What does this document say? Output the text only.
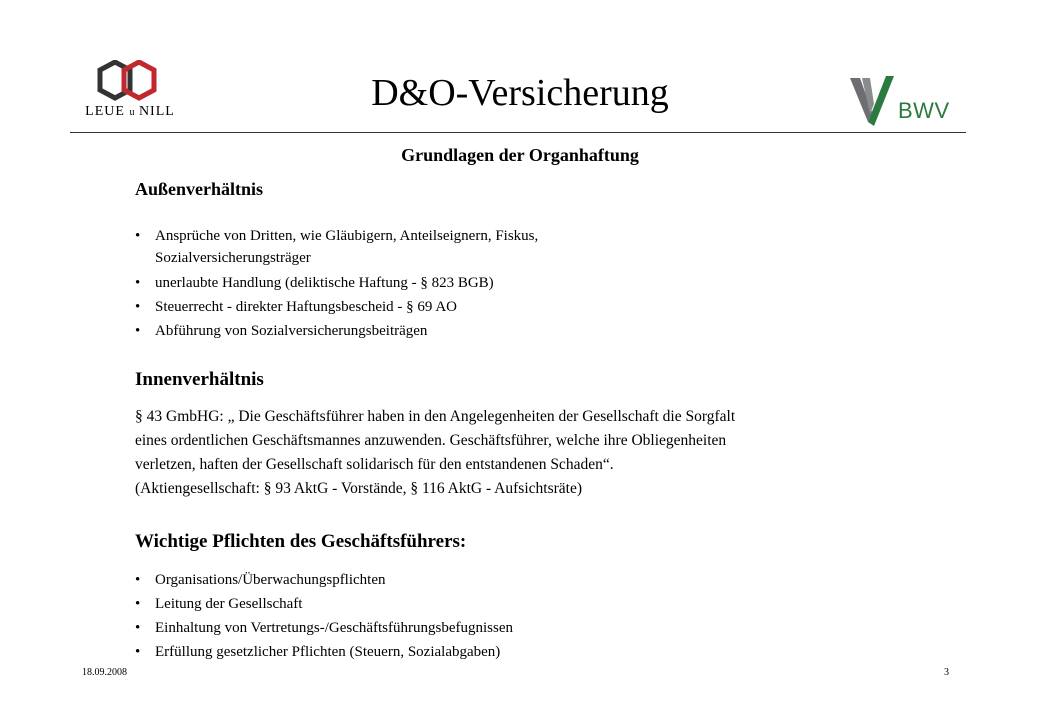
LEUE u NILL	D&O-Versicherung	BWV
Grundlagen der Organhaftung
Außenverhältnis
• Ansprüche von Dritten, wie Gläubigern, Anteilseignern, Fiskus,
Sozialversicherungsträger
• unerlaubte Handlung (deliktische Haftung - § 823 BGB)
• Steuerrecht - direkter Haftungsbescheid - § 69 AO
• Abführung von Sozialversicherungsbeiträgen
Innenverhältnis
§ 43 GmbHG: „ Die Geschäftsführer haben in den Angelegenheiten der Gesellschaft die Sorgfalt
eines ordentlichen Geschäftsmannes anzuwenden. Geschäftsführer, welche ihre Obliegenheiten
verletzen, haften der Gesellschaft solidarisch für den entstandenen Schaden“.
(Aktiengesellschaft: § 93 AktG - Vorstände, § 116 AktG - Aufsichtsräte)
Wichtige Pflichten des Geschäftsführers:
• Organisations/Überwachungspflichten
• Leitung der Gesellschaft
• Einhaltung von Vertretungs-/Geschäftsführungsbefugnissen
• Erfüllung gesetzlicher Pflichten (Steuern, Sozialabgaben)
18.09.2008	3
